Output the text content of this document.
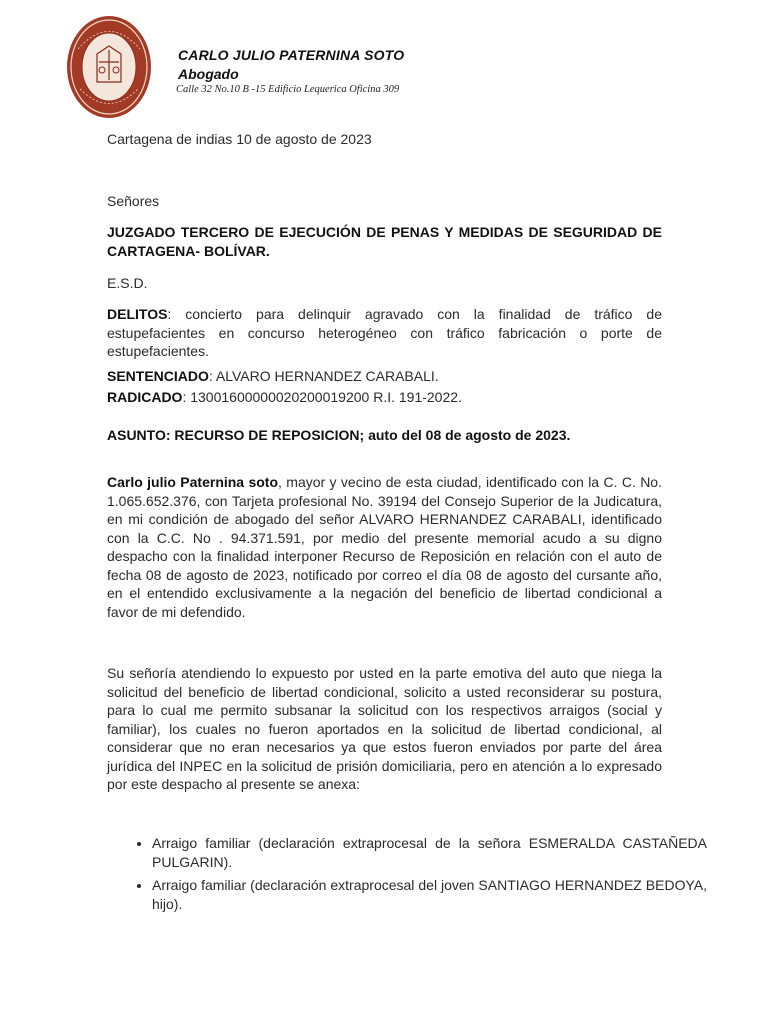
CARLO JULIO PATERNINA SOTO
Abogado
Calle 32 No.10 B -15 Edificio Lequerica Oficina 309

Cartagena de indias 10 de agosto de 2023

Señores

JUZGADO TERCERO DE EJECUCIÓN DE PENAS Y MEDIDAS DE SEGURIDAD DE CARTAGENA- BOLÍVAR.

E.S.D.

DELITOS: concierto para delinquir agravado con la finalidad de tráfico de estupefacientes en concurso heterogéneo con tráfico fabricación o porte de estupefacientes.

SENTENCIADO: ALVARO HERNANDEZ CARABALI.

RADICADO: 13001600000020200019200 R.I. 191-2022.

ASUNTO: RECURSO DE REPOSICION; auto del 08 de agosto de 2023.

Carlo julio Paternina soto, mayor y vecino de esta ciudad, identificado con la C. C. No. 1.065.652.376, con Tarjeta profesional No. 39194 del Consejo Superior de la Judicatura, en mi condición de abogado del señor ALVARO HERNANDEZ CARABALI, identificado con la C.C. No . 94.371.591, por medio del presente memorial acudo a su digno despacho con la finalidad interponer Recurso de Reposición en relación con el auto de fecha 08 de agosto de 2023, notificado por correo el día 08 de agosto del cursante año, en el entendido exclusivamente a la negación del beneficio de libertad condicional a favor de mi defendido.

Su señoría atendiendo lo expuesto por usted en la parte emotiva del auto que niega la solicitud del beneficio de libertad condicional, solicito a usted reconsiderar su postura, para lo cual me permito subsanar la solicitud con los respectivos arraigos (social y familiar), los cuales no fueron aportados en la solicitud de libertad condicional, al considerar que no eran necesarios ya que estos fueron enviados por parte del área jurídica del INPEC en la solicitud de prisión domiciliaria, pero en atención a lo expresado por este despacho al presente se anexa:

• Arraigo familiar (declaración extraprocesal de la señora ESMERALDA CASTAÑEDA PULGARIN).
• Arraigo familiar (declaración extraprocesal del joven SANTIAGO HERNANDEZ BEDOYA, hijo).
